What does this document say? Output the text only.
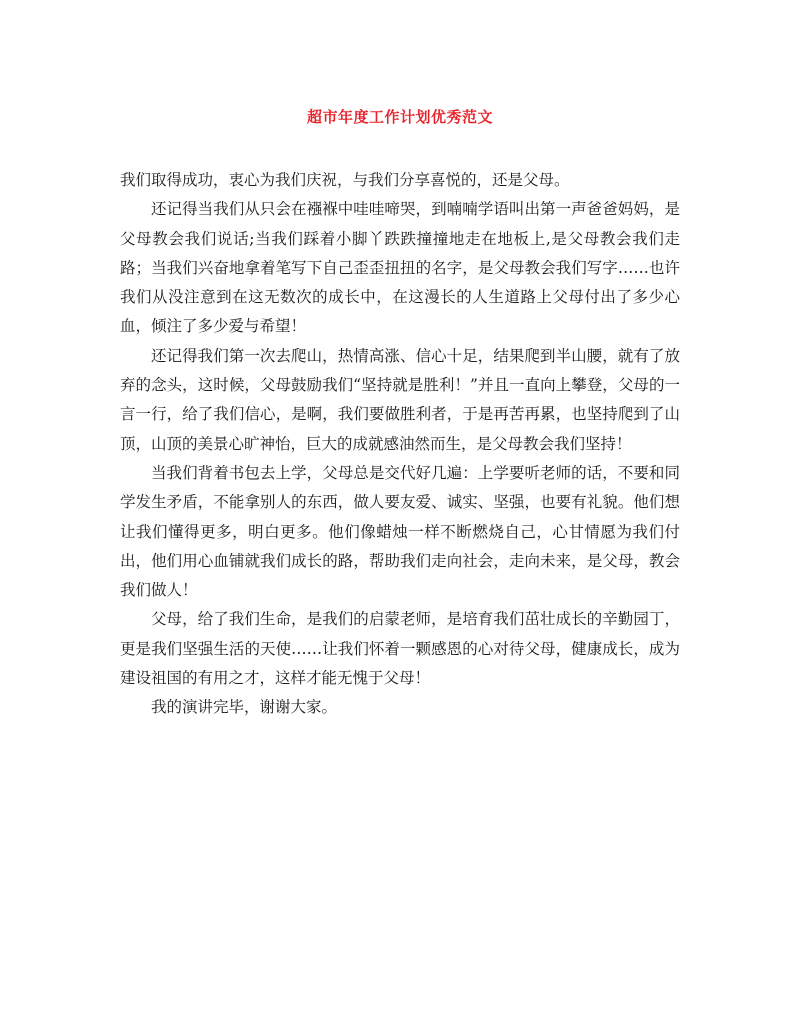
超市年度工作计划优秀范文

我们取得成功，衷心为我们庆祝，与我们分享喜悦的，还是父母。

还记得当我们从只会在襁褓中哇哇啼哭，到喃喃学语叫出第一声爸爸妈妈，是父母教会我们说话;当我们踩着小脚丫跌跌撞撞地走在地板上,是父母教会我们走路；当我们兴奋地拿着笔写下自己歪歪扭扭的名字，是父母教会我们写字……也许我们从没注意到在这无数次的成长中，在这漫长的人生道路上父母付出了多少心血，倾注了多少爱与希望！

还记得我们第一次去爬山，热情高涨、信心十足，结果爬到半山腰，就有了放弃的念头，这时候，父母鼓励我们“坚持就是胜利！”并且一直向上攀登，父母的一言一行，给了我们信心，是啊，我们要做胜利者，于是再苦再累，也坚持爬到了山顶，山顶的美景心旷神怡，巨大的成就感油然而生，是父母教会我们坚持！

当我们背着书包去上学，父母总是交代好几遍：上学要听老师的话，不要和同学发生矛盾，不能拿别人的东西，做人要友爱、诚实、坚强，也要有礼貌。他们想让我们懂得更多，明白更多。他们像蜡烛一样不断燃烧自己，心甘情愿为我们付出，他们用心血铺就我们成长的路，帮助我们走向社会，走向未来，是父母，教会我们做人！

父母，给了我们生命，是我们的启蒙老师，是培育我们茁壮成长的辛勤园丁，更是我们坚强生活的天使……让我们怀着一颗感恩的心对待父母，健康成长，成为建设祖国的有用之才，这样才能无愧于父母！

我的演讲完毕，谢谢大家。
